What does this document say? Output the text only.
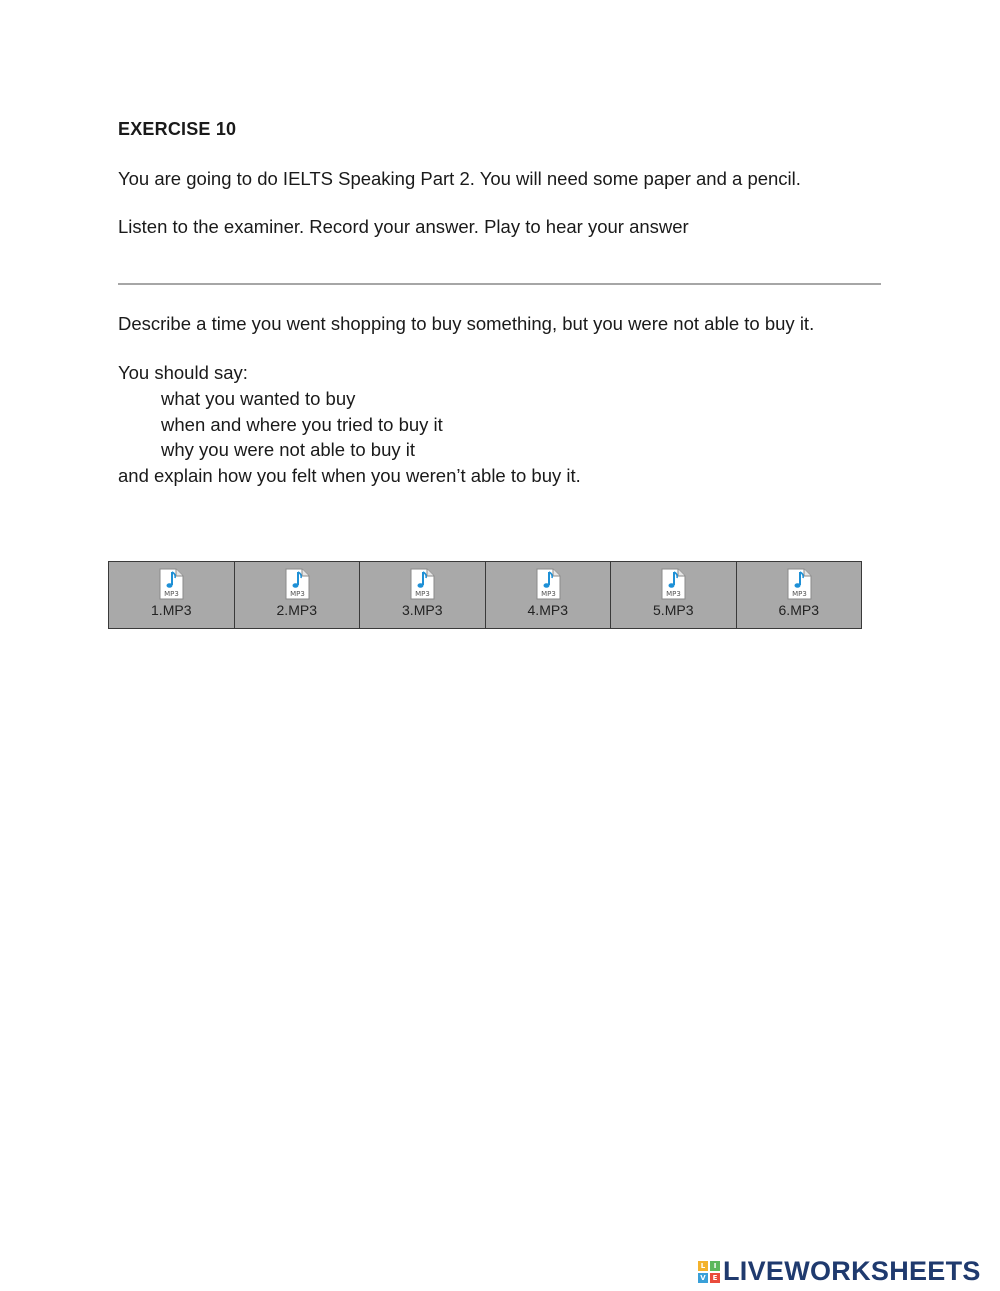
EXERCISE 10
You are going to do IELTS Speaking Part 2. You will need some paper and a pencil.
Listen to the examiner. Record your answer. Play to hear your answer
Describe a time you went shopping to buy something, but you were not able to buy it.
You should say:
what you wanted to buy
when and where you tried to buy it
why you were not able to buy it
and explain how you felt when you weren’t able to buy it.
MP3
1.MP3
MP3
2.MP3
MP3
3.MP3
MP3
4.MP3
MP3
5.MP3
MP3
6.MP3
L	I
V E LIVEWORKSHEETS
